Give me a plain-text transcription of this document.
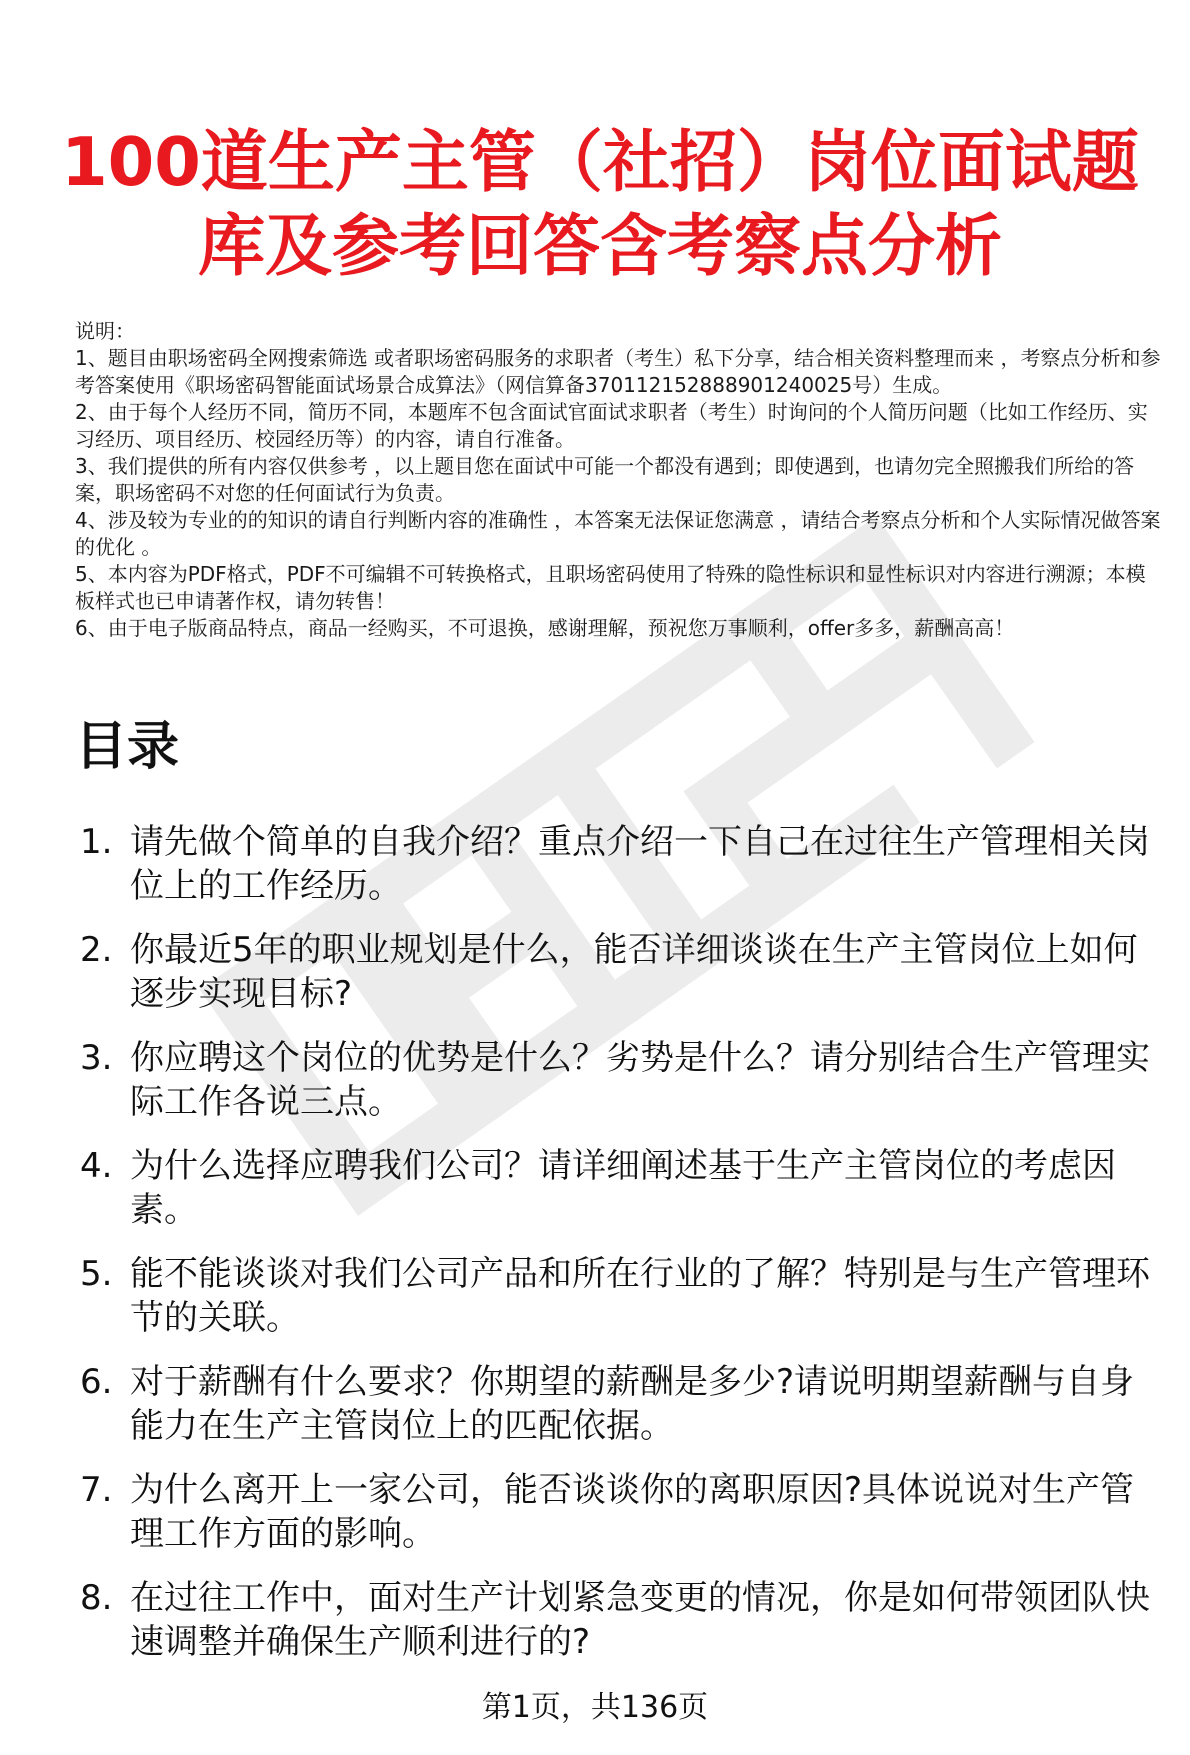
100道生产主管（社招）岗位面试题
库及参考回答含考察点分析

说明：

1、题目由职场密码全网搜索筛选 或者职场密码服务的求职者（考生）私下分享，结合相关资料整理而来 ，考察点分析和参考答案使用《职场密码智能面试场景合成算法》（网信算备370112152888901240025号）生成。

2、由于每个人经历不同，简历不同，本题库不包含面试官面试求职者（考生）时询问的个人简历问题（比如工作经历、实习经历、项目经历、校园经历等）的内容，请自行准备。

3、我们提供的所有内容仅供参考 ，以上题目您在面试中可能一个都没有遇到；即使遇到，也请勿完全照搬我们所给的答案，职场密码不对您的任何面试行为负责。

4、涉及较为专业的的知识的请自行判断内容的准确性 ，本答案无法保证您满意 ，请结合考察点分析和个人实际情况做答案的优化 。

5、本内容为PDF格式，PDF不可编辑不可转换格式，且职场密码使用了特殊的隐性标识和显性标识对内容进行溯源；本模板样式也已申请著作权，请勿转售！

6、由于电子版商品特点，商品一经购买，不可退换，感谢理解，预祝您万事顺利，offer多多，薪酬高高！

目录
1. 请先做个简单的自我介绍？重点介绍一下自己在过往生产管理相关岗位上的工作经历。
2. 你最近5年的职业规划是什么，能否详细谈谈在生产主管岗位上如何逐步实现目标?
3. 你应聘这个岗位的优势是什么？劣势是什么？请分别结合生产管理实际工作各说三点。
4. 为什么选择应聘我们公司？请详细阐述基于生产主管岗位的考虑因素。
5. 能不能谈谈对我们公司产品和所在行业的了解？特别是与生产管理环节的关联。
6. 对于薪酬有什么要求？你期望的薪酬是多少?请说明期望薪酬与自身能力在生产主管岗位上的匹配依据。
7. 为什么离开上一家公司，能否谈谈你的离职原因?具体说说对生产管理工作方面的影响。
8. 在过往工作中，面对生产计划紧急变更的情况，你是如何带领团队快速调整并确保生产顺利进行的?
第1页，共136页
